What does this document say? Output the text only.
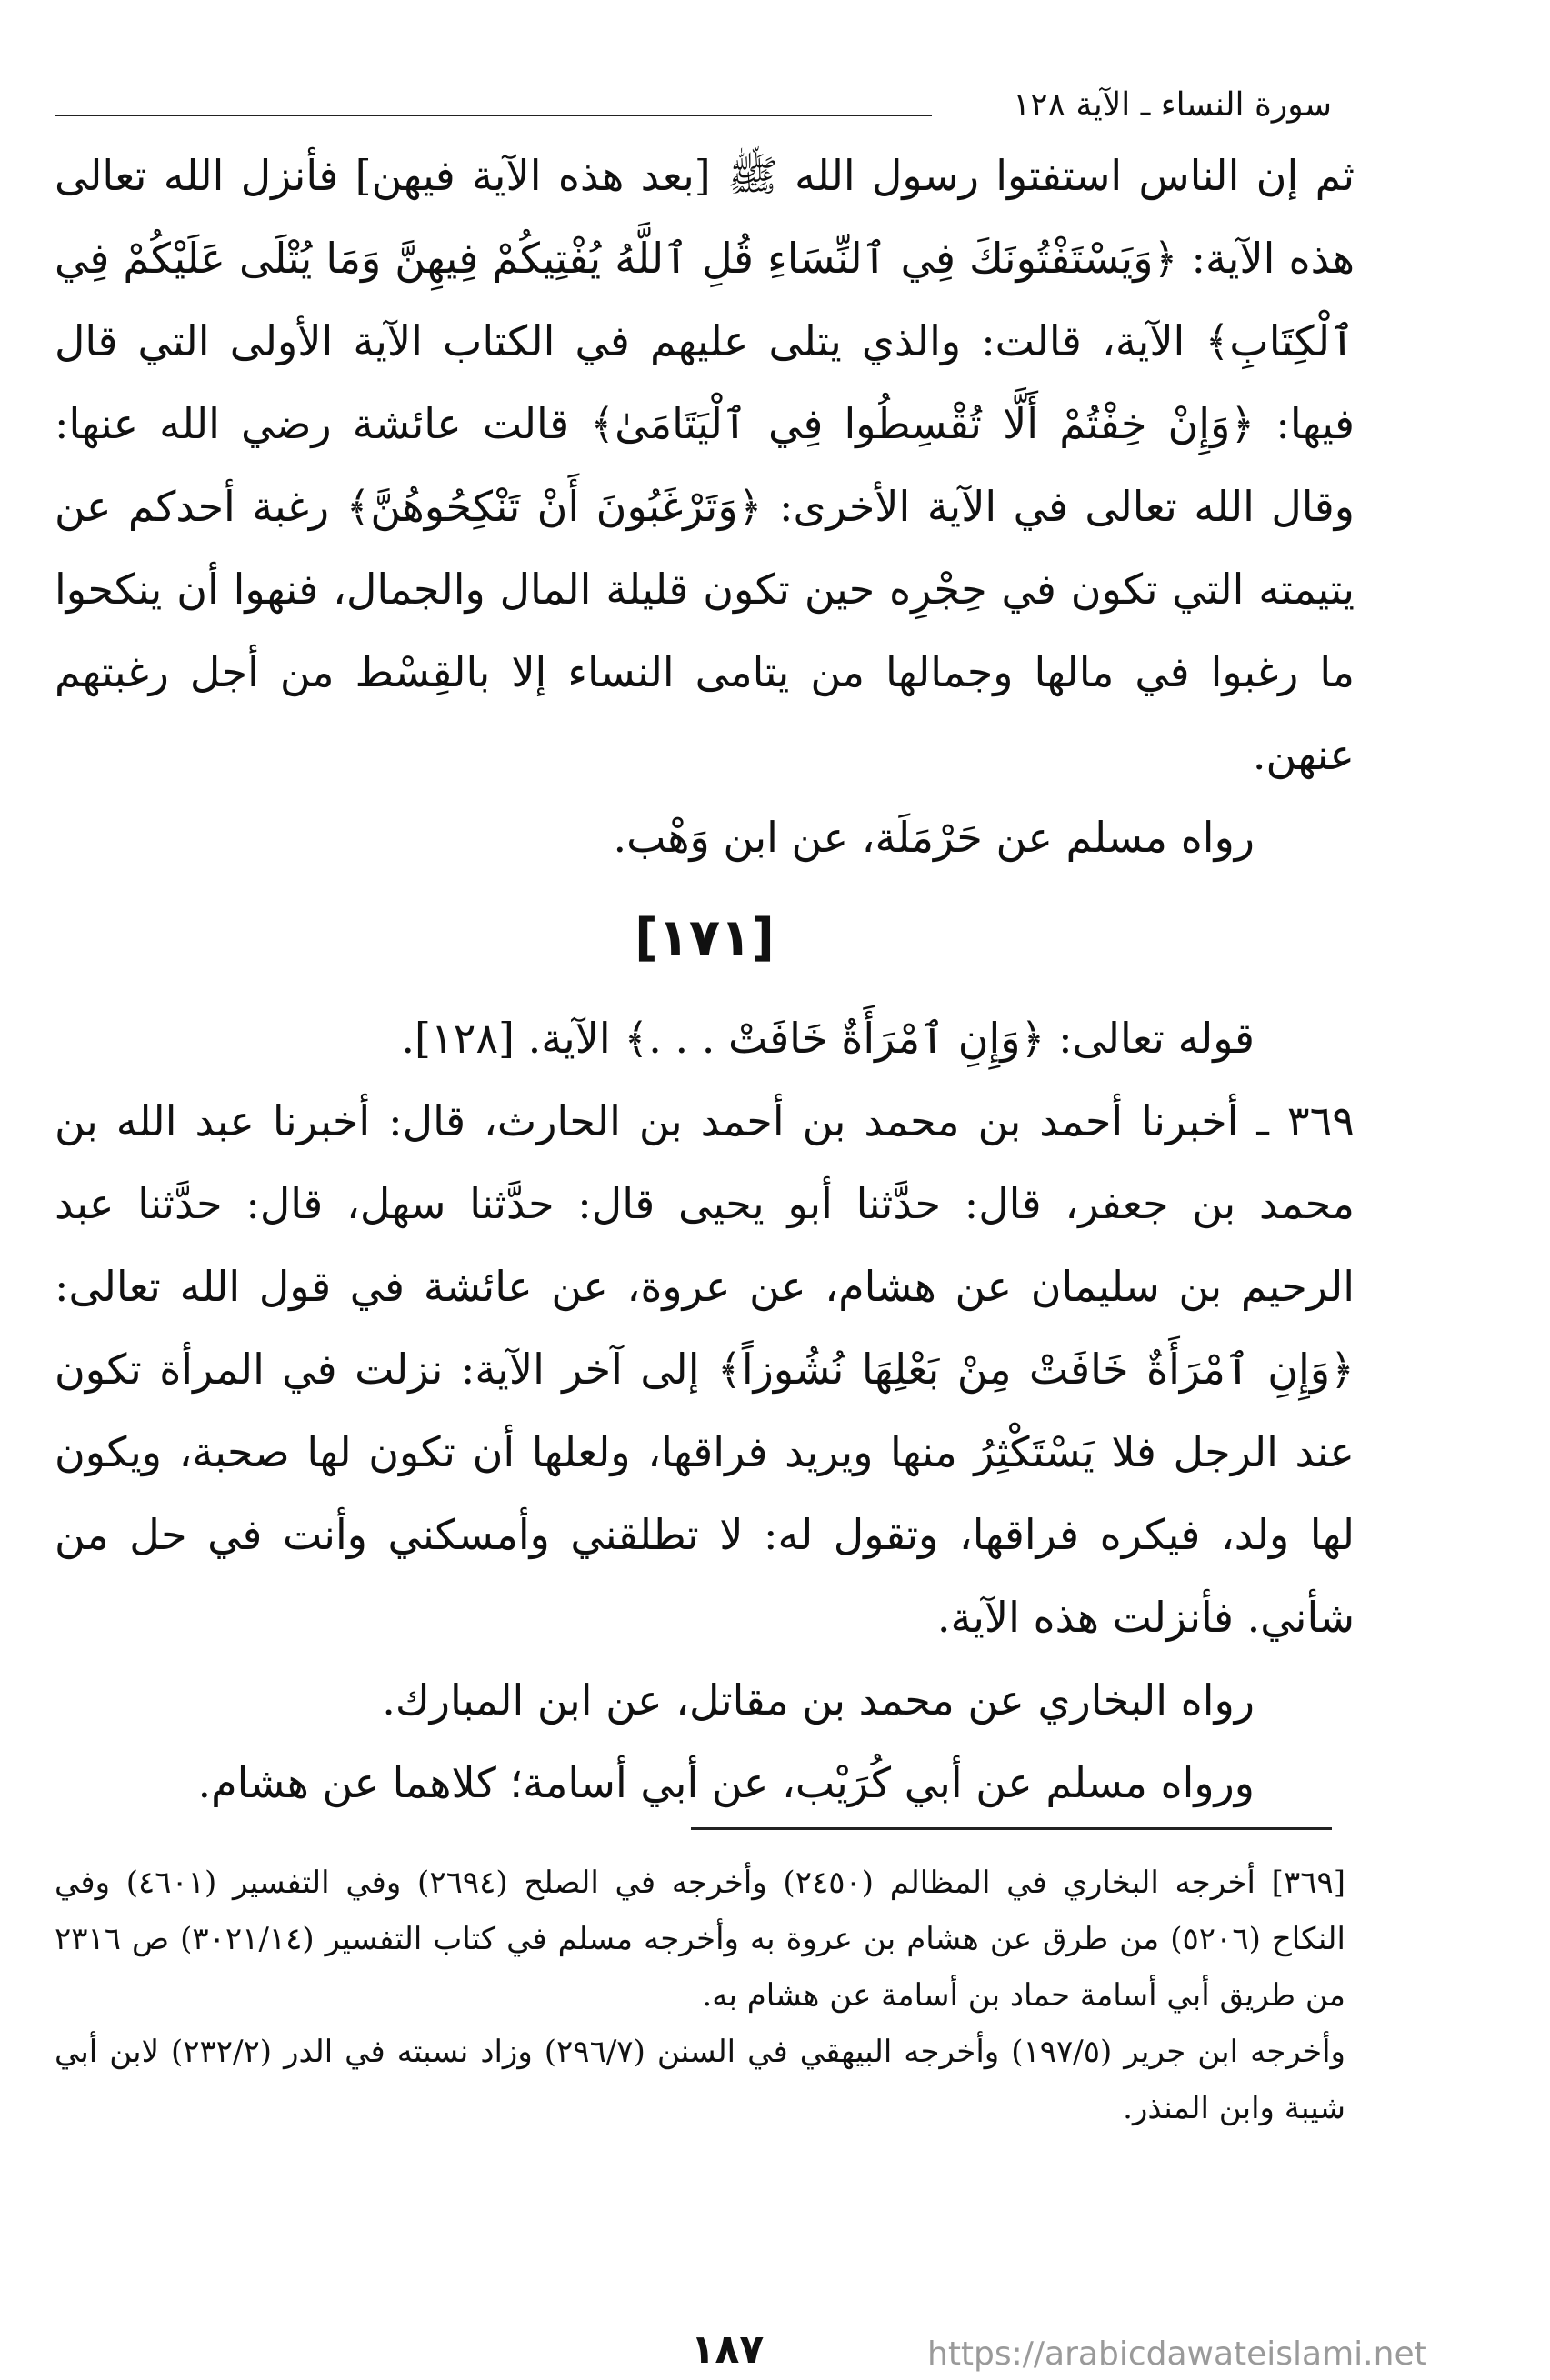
سورة النساء ـ الآية ١٢٨

ثم إن الناس استفتوا رسول الله ﷺ [بعد هذه الآية فيهن] فأنزل الله تعالى هذه الآية: ﴿وَيَسْتَفْتُونَكَ فِي ٱلنِّسَاءِ قُلِ ٱللَّهُ يُفْتِيكُمْ فِيهِنَّ وَمَا يُتْلَى عَلَيْكُمْ فِي ٱلْكِتَابِ﴾ الآية، قالت: والذي يتلى عليهم في الكتاب الآية الأولى التي قال فيها: ﴿وَإِنْ خِفْتُمْ أَلَّا تُقْسِطُوا فِي ٱلْيَتَامَىٰ﴾ قالت عائشة رضي الله عنها: وقال الله تعالى في الآية الأخرى: ﴿وَتَرْغَبُونَ أَنْ تَنْكِحُوهُنَّ﴾ رغبة أحدكم عن يتيمته التي تكون في حِجْرِه حين تكون قليلة المال والجمال، فنهوا أن ينكحوا ما رغبوا في مالها وجمالها من يتامى النساء إلا بالقِسْط من أجل رغبتهم عنهن.

رواه مسلم عن حَرْمَلَة، عن ابن وَهْب.

[١٧١]

قوله تعالى: ﴿وَإِنِ ٱمْرَأَةٌ خَافَتْ . . .﴾ الآية. [١٢٨].

٣٦٩ ـ أخبرنا أحمد بن محمد بن أحمد بن الحارث، قال: أخبرنا عبد الله بن محمد بن جعفر، قال: حدَّثنا أبو يحيى قال: حدَّثنا سهل، قال: حدَّثنا عبد الرحيم بن سليمان عن هشام، عن عروة، عن عائشة في قول الله تعالى: ﴿وَإِنِ ٱمْرَأَةٌ خَافَتْ مِنْ بَعْلِهَا نُشُوزاً﴾ إلى آخر الآية: نزلت في المرأة تكون عند الرجل فلا يَسْتَكْثِرُ منها ويريد فراقها، ولعلها أن تكون لها صحبة، ويكون لها ولد، فيكره فراقها، وتقول له: لا تطلقني وأمسكني وأنت في حل من شأني. فأنزلت هذه الآية.

رواه البخاري عن محمد بن مقاتل، عن ابن المبارك.

ورواه مسلم عن أبي كُرَيْب، عن أبي أسامة؛ كلاهما عن هشام.

[٣٦٩] أخرجه البخاري في المظالم (٢٤٥٠) وأخرجه في الصلح (٢٦٩٤) وفي التفسير (٤٦٠١) وفي النكاح (٥٢٠٦) من طرق عن هشام بن عروة به وأخرجه مسلم في كتاب التفسير (٣٠٢١/١٤) ص ٢٣١٦ من طريق أبي أسامة حماد بن أسامة عن هشام به.

وأخرجه ابن جرير (١٩٧/٥) وأخرجه البيهقي في السنن (٢٩٦/٧) وزاد نسبته في الدر (٢٣٢/٢) لابن أبي شيبة وابن المنذر.

١٨٧	https://arabicdawateislami.net
